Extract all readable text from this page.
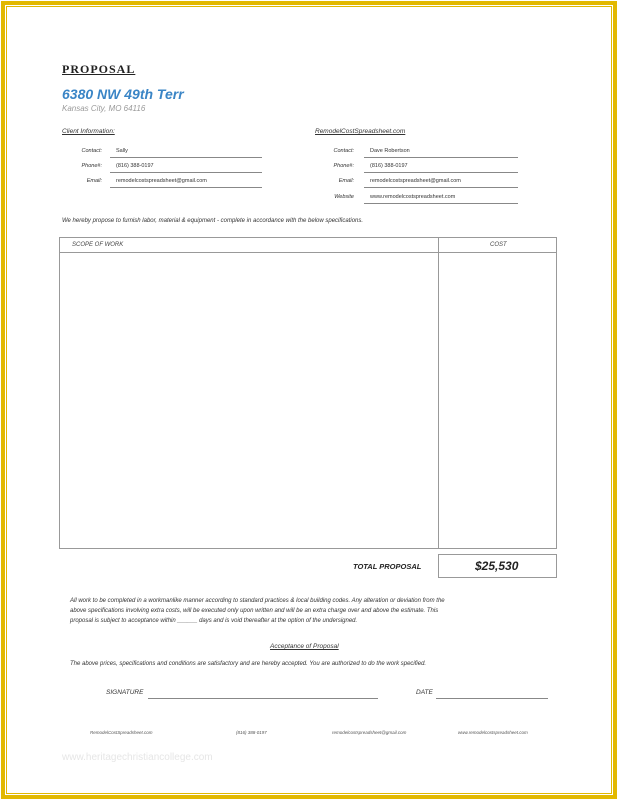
PROPOSAL
6380 NW 49th Terr
Kansas City, MO 64116
Client Information:
Contact:	Sally
Phone#:	(816) 388-0197
Email:	remodelcostspreadsheet@gmail.com
RemodelCostSpreadsheet.com
Contact:	Dave Robertson
Phone#:	(816) 388-0197
Email:	remodelcostspreadsheet@gmail.com
Website	www.remodelcostspreadsheet.com
We hereby propose to furnish labor, material & equipment - complete in accordance with the below specifications.
SCOPE OF WORK	COST
TOTAL PROPOSAL	$25,530
All work to be completed in a workmanlike manner according to standard practices & local building codes. Any alteration or deviation from the
above specifications involving extra costs, will be executed only upon written and will be an extra charge over and above the estimate. This
proposal is subject to acceptance within ______ days and is void thereafter at the option of the undersigned.
Acceptance of Proposal
The above prices, specifications and conditions are satisfactory and are hereby accepted. You are authorized to do the work specified.
SIGNATURE	DATE
RemodelCostSpreadsheet.com	(816) 388-0197	remodelcostspreadsheet@gmail.com	www.remodelcostspreadsheet.com
www.heritagechristiancollege.com
